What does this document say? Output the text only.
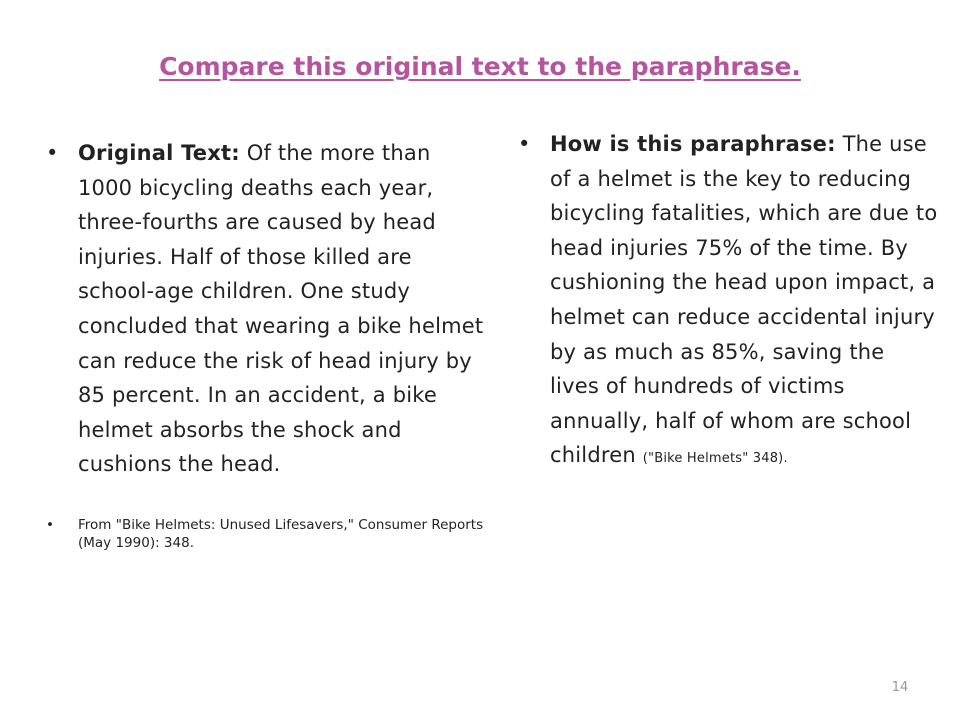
Compare this original text to the paraphrase.
• Original Text: Of the more than 1000 bicycling deaths each year, three-fourths are caused by head injuries. Half of those killed are school-age children. One study concluded that wearing a bike helmet can reduce the risk of head injury by 85 percent. In an accident, a bike helmet absorbs the shock and cushions the head.
•	From "Bike Helmets: Unused Lifesavers," Consumer Reports (May 1990): 348.
• How is this paraphrase: The use of a helmet is the key to reducing bicycling fatalities, which are due to head injuries 75% of the time. By cushioning the head upon impact, a helmet can reduce accidental injury by as much as 85%, saving the lives of hundreds of victims annually, half of whom are school children ("Bike Helmets" 348).
14
